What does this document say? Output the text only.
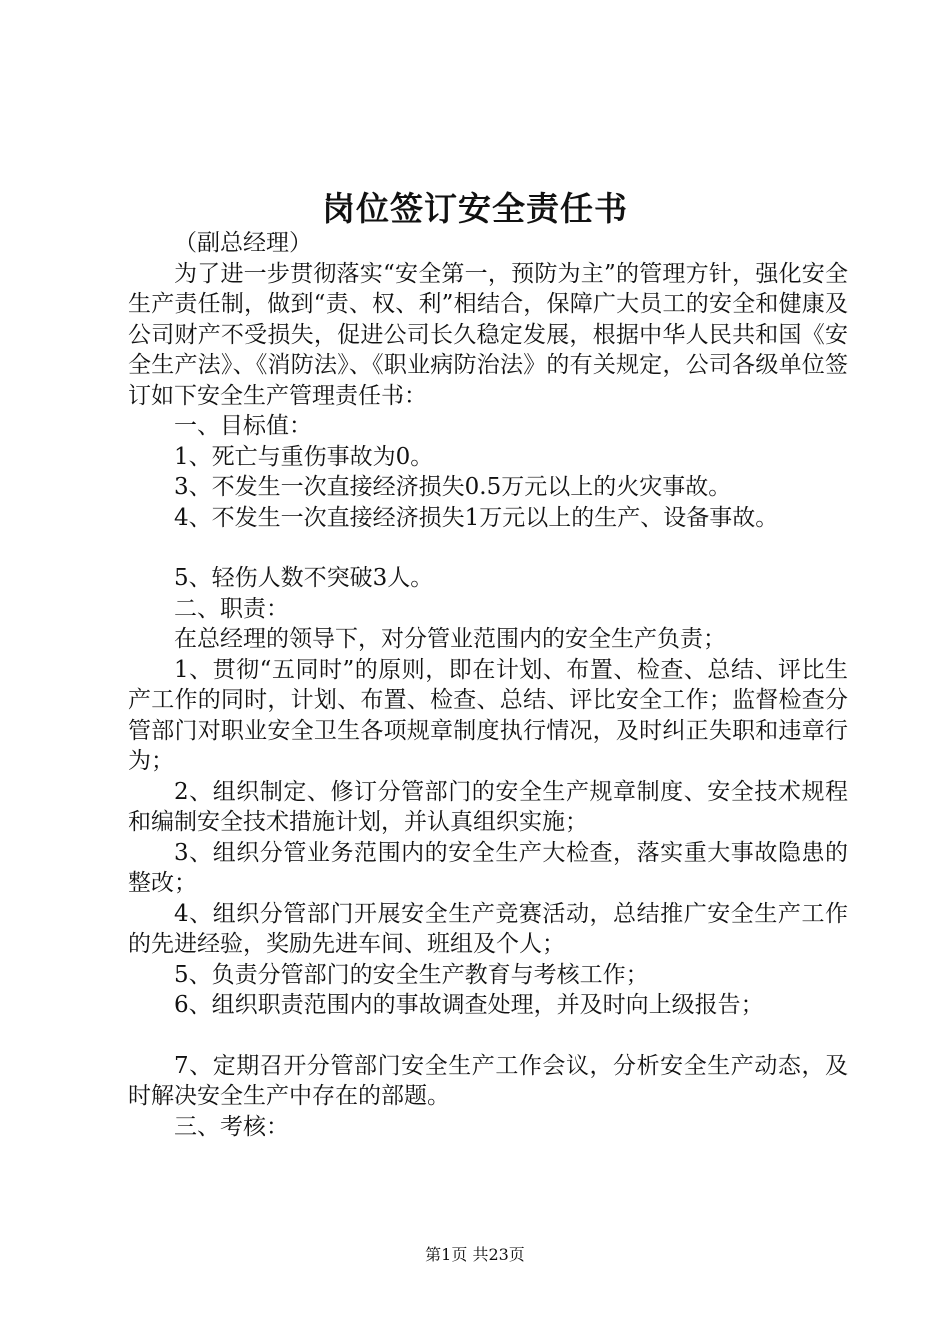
岗位签订安全责任书

（副总经理）

为了进一步贯彻落实“安全第一，预防为主”的管理方针，强化安全生产责任制，做到“责、权、利”相结合，保障广大员工的安全和健康及公司财产不受损失，促进公司长久稳定发展，根据中华人民共和国《安全生产法》、《消防法》、《职业病防治法》的有关规定，公司各级单位签订如下安全生产管理责任书：

一、目标值：

1、死亡与重伤事故为0。

3、不发生一次直接经济损失0.5万元以上的火灾事故。

4、不发生一次直接经济损失1万元以上的生产、设备事故。

5、轻伤人数不突破3人。

二、职责：

在总经理的领导下，对分管业范围内的安全生产负责；

1、贯彻“五同时”的原则，即在计划、布置、检查、总结、评比生产工作的同时，计划、布置、检查、总结、评比安全工作；监督检查分管部门对职业安全卫生各项规章制度执行情况，及时纠正失职和违章行为；

2、组织制定、修订分管部门的安全生产规章制度、安全技术规程和编制安全技术措施计划，并认真组织实施；

3、组织分管业务范围内的安全生产大检查，落实重大事故隐患的整改；

4、组织分管部门开展安全生产竞赛活动，总结推广安全生产工作的先进经验，奖励先进车间、班组及个人；

5、负责分管部门的安全生产教育与考核工作；

6、组织职责范围内的事故调查处理，并及时向上级报告；

7、定期召开分管部门安全生产工作会议，分析安全生产动态，及时解决安全生产中存在的部题。

三、考核：

第1页 共23页
